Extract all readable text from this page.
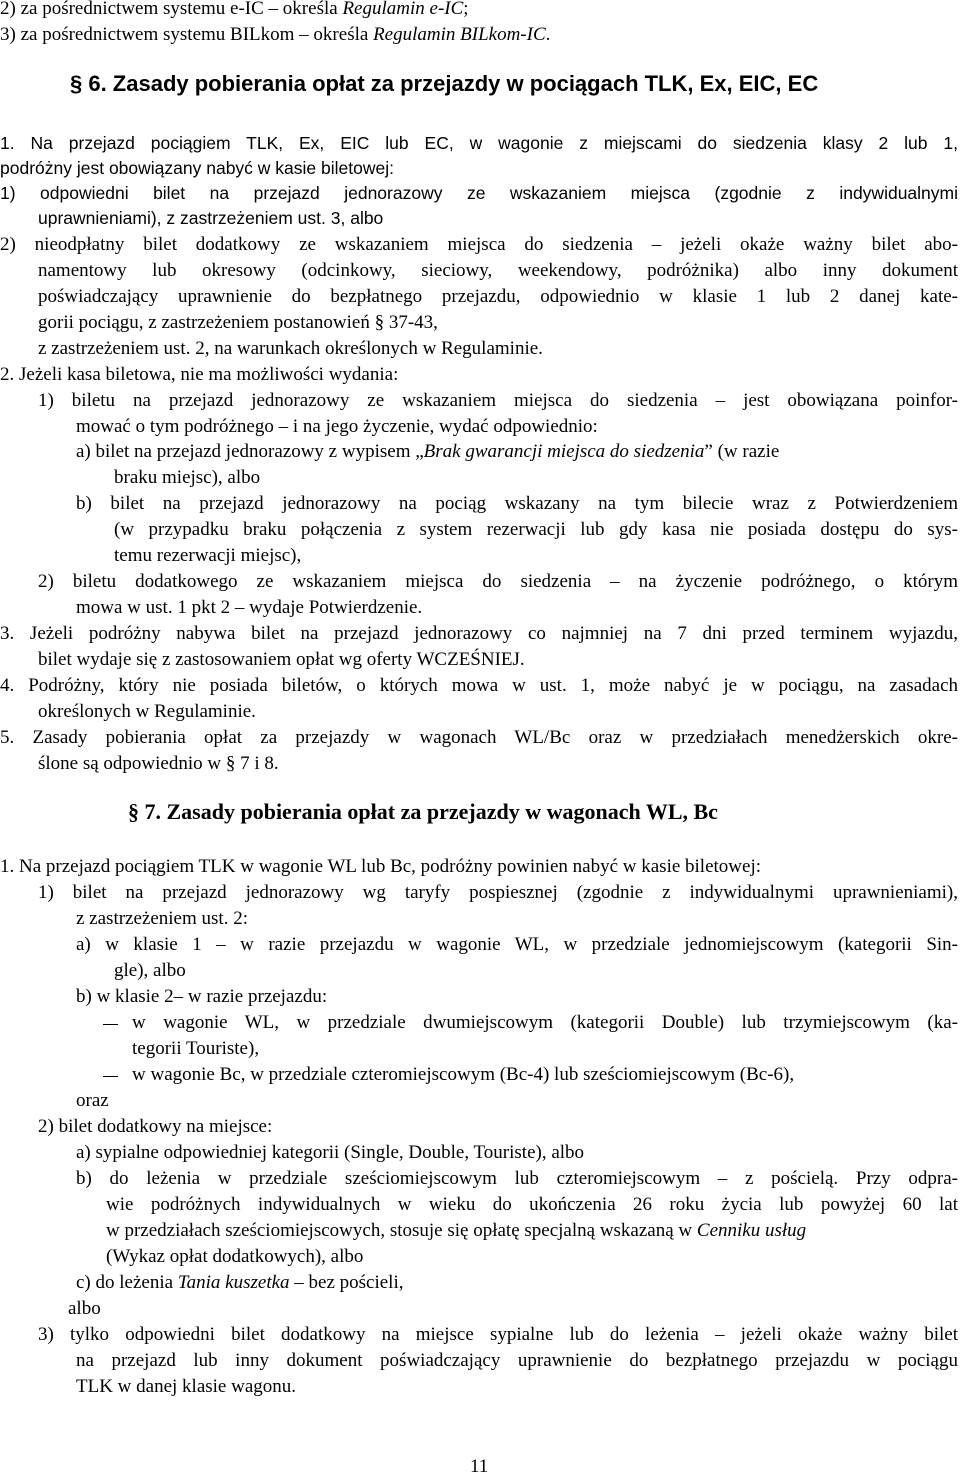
2) za pośrednictwem systemu e-IC – określa Regulamin e-IC;
3) za pośrednictwem systemu BILkom – określa Regulamin BILkom-IC.
§ 6. Zasady pobierania opłat za przejazdy w pociągach TLK, Ex, EIC, EC
1. Na przejazd pociągiem TLK, Ex, EIC lub EC, w wagonie z miejscami do siedzenia klasy 2 lub 1,
podróżny jest obowiązany nabyć w kasie biletowej:
1) odpowiedni bilet na przejazd jednorazowy ze wskazaniem miejsca (zgodnie z indywidualnymi
uprawnieniami), z zastrzeżeniem ust. 3, albo
2) nieodpłatny bilet dodatkowy ze wskazaniem miejsca do siedzenia – jeżeli okaże ważny bilet abo-
namentowy lub okresowy (odcinkowy, sieciowy, weekendowy, podróżnika) albo inny dokument
poświadczający uprawnienie do bezpłatnego przejazdu, odpowiednio w klasie 1 lub 2 danej kate-
gorii pociągu, z zastrzeżeniem postanowień § 37-43,
z zastrzeżeniem ust. 2, na warunkach określonych w Regulaminie.
2. Jeżeli kasa biletowa, nie ma możliwości wydania:
1) biletu na przejazd jednorazowy ze wskazaniem miejsca do siedzenia – jest obowiązana poinfor-
mować o tym podróżnego – i na jego życzenie, wydać odpowiednio:
a) bilet na przejazd jednorazowy z wypisem „Brak gwarancji miejsca do siedzenia” (w razie
braku miejsc), albo
b) bilet na przejazd jednorazowy na pociąg wskazany na tym bilecie wraz z Potwierdzeniem
(w przypadku braku połączenia z system rezerwacji lub gdy kasa nie posiada dostępu do sys-
temu rezerwacji miejsc),
2) biletu dodatkowego ze wskazaniem miejsca do siedzenia – na życzenie podróżnego, o którym
mowa w ust. 1 pkt 2 – wydaje Potwierdzenie.
3. Jeżeli podróżny nabywa bilet na przejazd jednorazowy co najmniej na 7 dni przed terminem wyjazdu,
bilet wydaje się z zastosowaniem opłat wg oferty WCZEŚNIEJ.
4. Podróżny, który nie posiada biletów, o których mowa w ust. 1, może nabyć je w pociągu, na zasadach
określonych w Regulaminie.
5. Zasady pobierania opłat za przejazdy w wagonach WL/Bc oraz w przedziałach menedżerskich okre-
ślone są odpowiednio w § 7 i 8.
§ 7. Zasady pobierania opłat za przejazdy w wagonach WL, Bc
1. Na przejazd pociągiem TLK w wagonie WL lub Bc, podróżny powinien nabyć w kasie biletowej:
1) bilet na przejazd jednorazowy wg taryfy pospiesznej (zgodnie z indywidualnymi uprawnieniami),
z zastrzeżeniem ust. 2:
a) w klasie 1 – w razie przejazdu w wagonie WL, w przedziale jednomiejscowym (kategorii Sin-
gle), albo
b) w klasie 2– w razie przejazdu:
w wagonie WL, w przedziale dwumiejscowym (kategorii Double) lub trzymiejscowym (ka-
tegorii Touriste),
w wagonie Bc, w przedziale czteromiejscowym (Bc-4) lub sześciomiejscowym (Bc-6),
oraz
2) bilet dodatkowy na miejsce:
a) sypialne odpowiedniej kategorii (Single, Double, Touriste), albo
b) do leżenia w przedziale sześciomiejscowym lub czteromiejscowym – z pościelą. Przy odpra-
wie podróżnych indywidualnych w wieku do ukończenia 26 roku życia lub powyżej 60 lat
w przedziałach sześciomiejscowych, stosuje się opłatę specjalną wskazaną w Cenniku usług
(Wykaz opłat dodatkowych), albo
c) do leżenia Tania kuszetka – bez pościeli,
albo
3) tylko odpowiedni bilet dodatkowy na miejsce sypialne lub do leżenia – jeżeli okaże ważny bilet
na przejazd lub inny dokument poświadczający uprawnienie do bezpłatnego przejazdu w pociągu
TLK w danej klasie wagonu.
11
